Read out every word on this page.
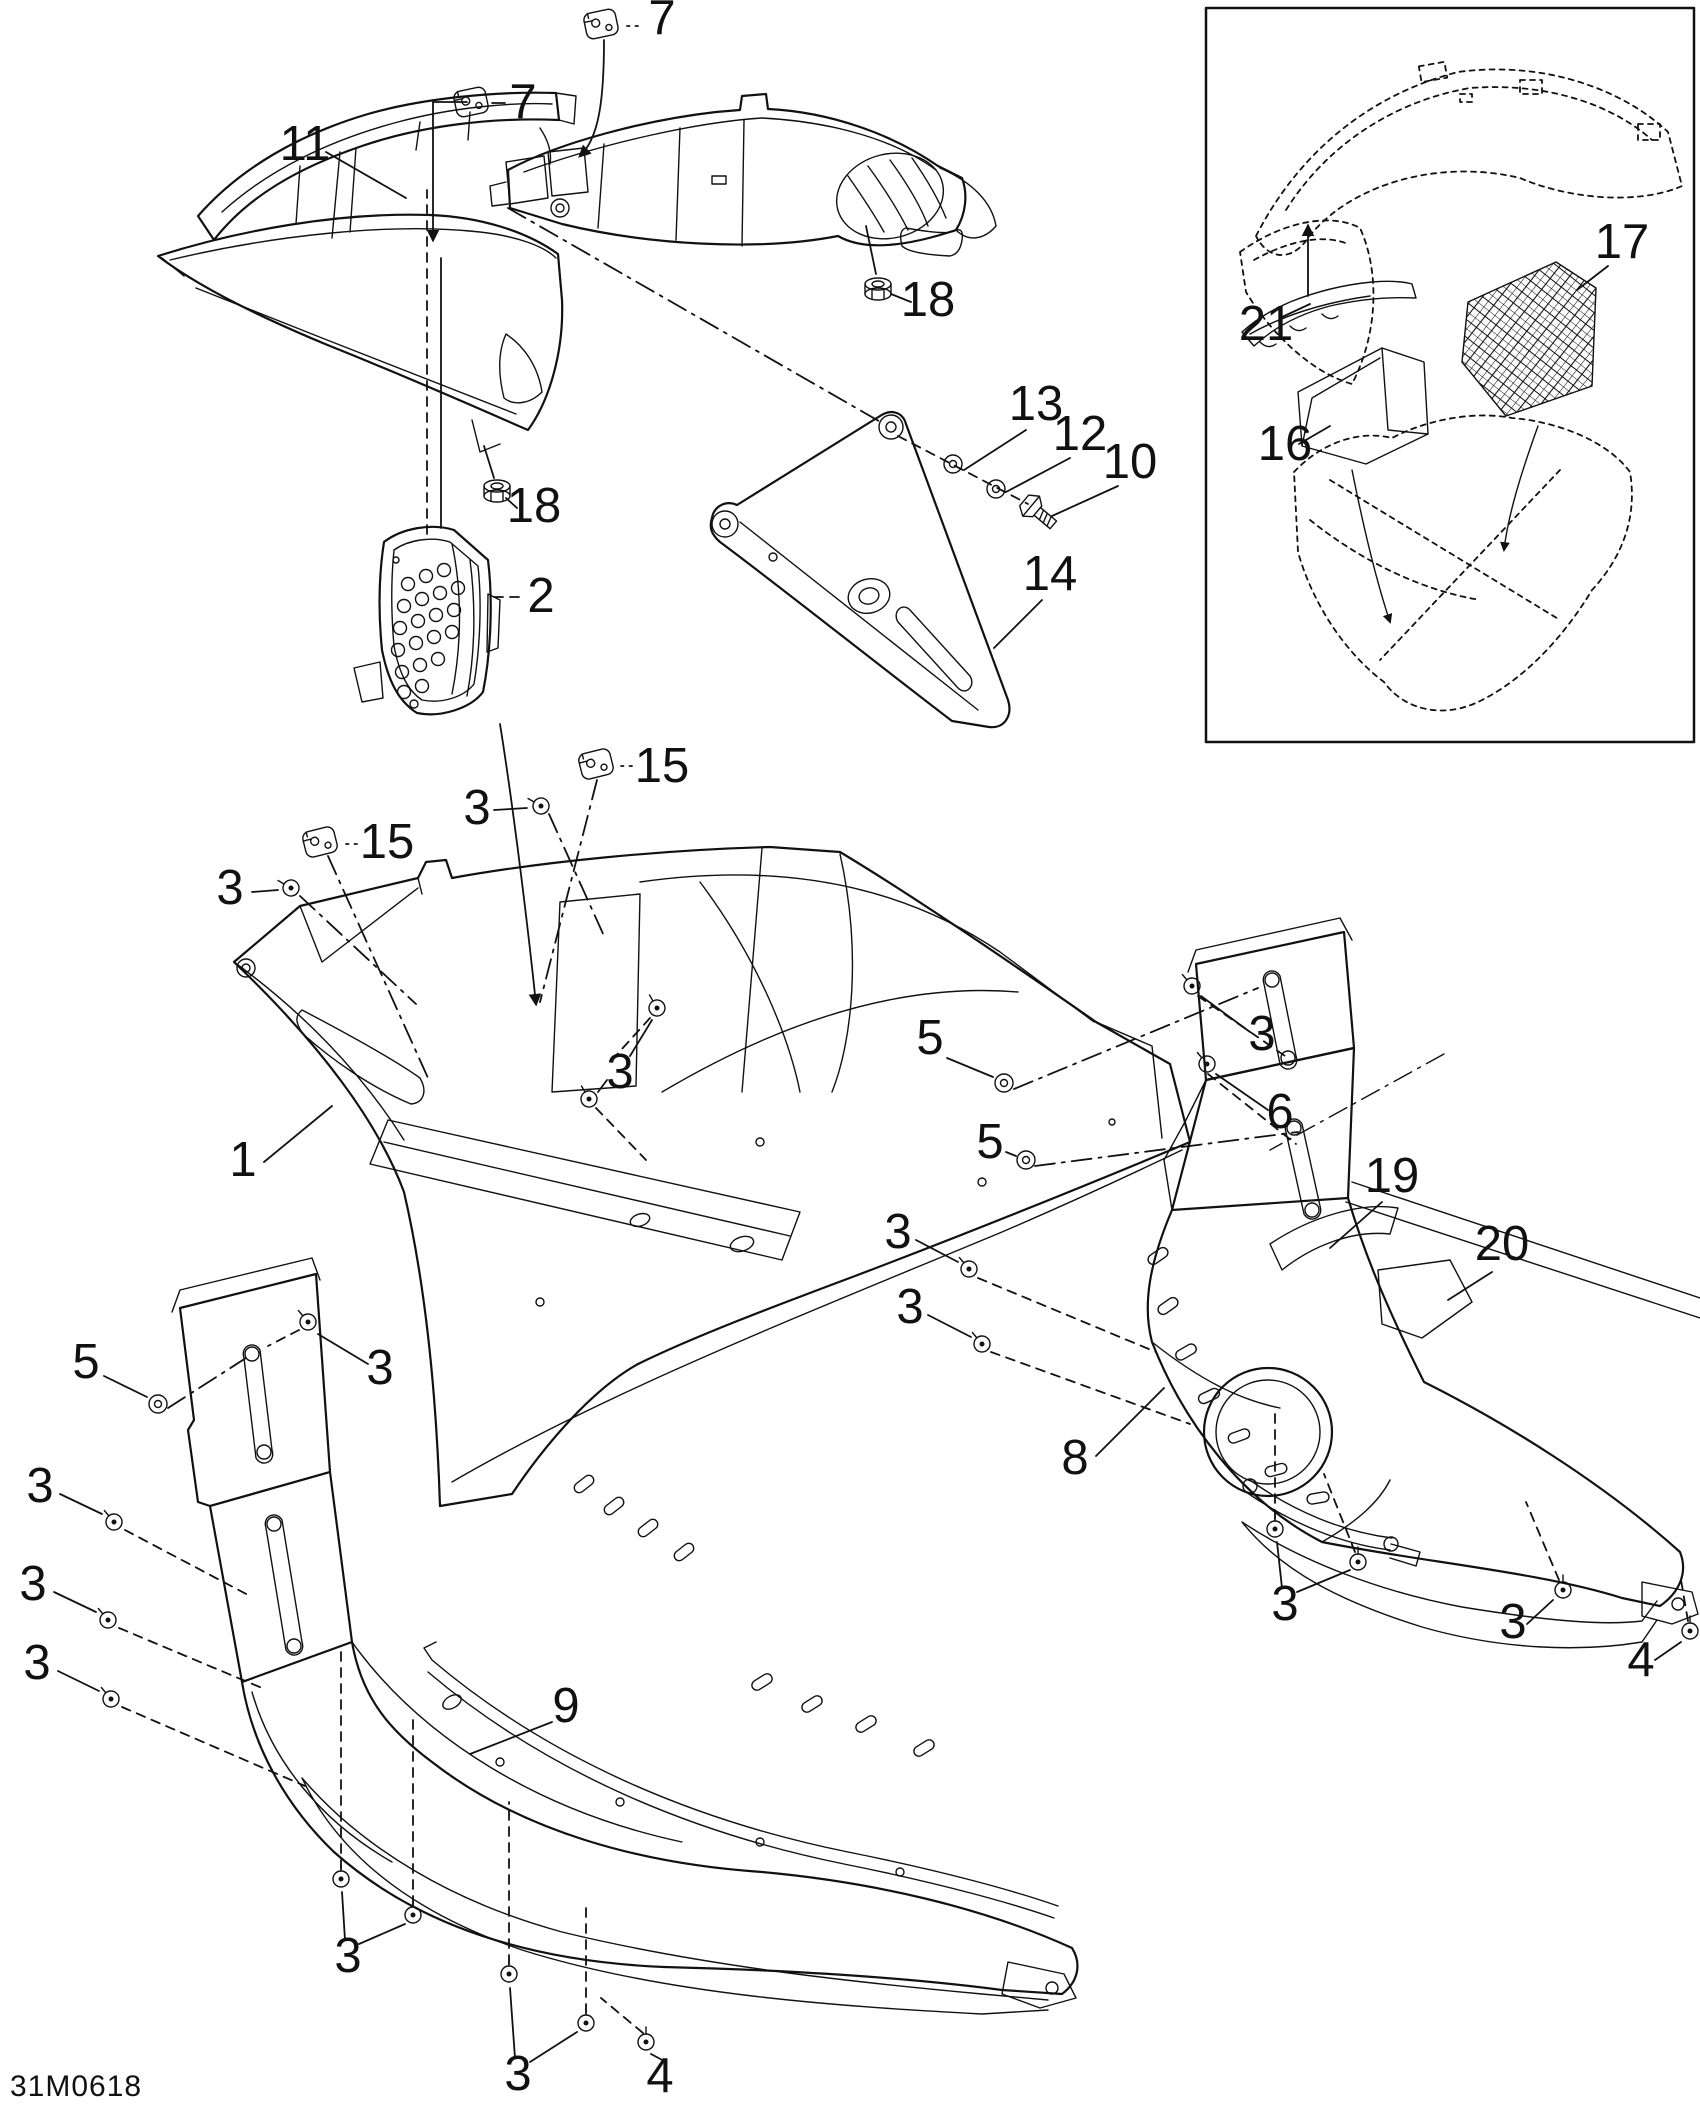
7
7
11
18
18
2
13
12
10
14
15
3
15
3
3
1
3
5
6
5
3
3
19
20
8
3	3
4
5	3
3
3
3
9
3
3 4
21
16
17
31M0618
